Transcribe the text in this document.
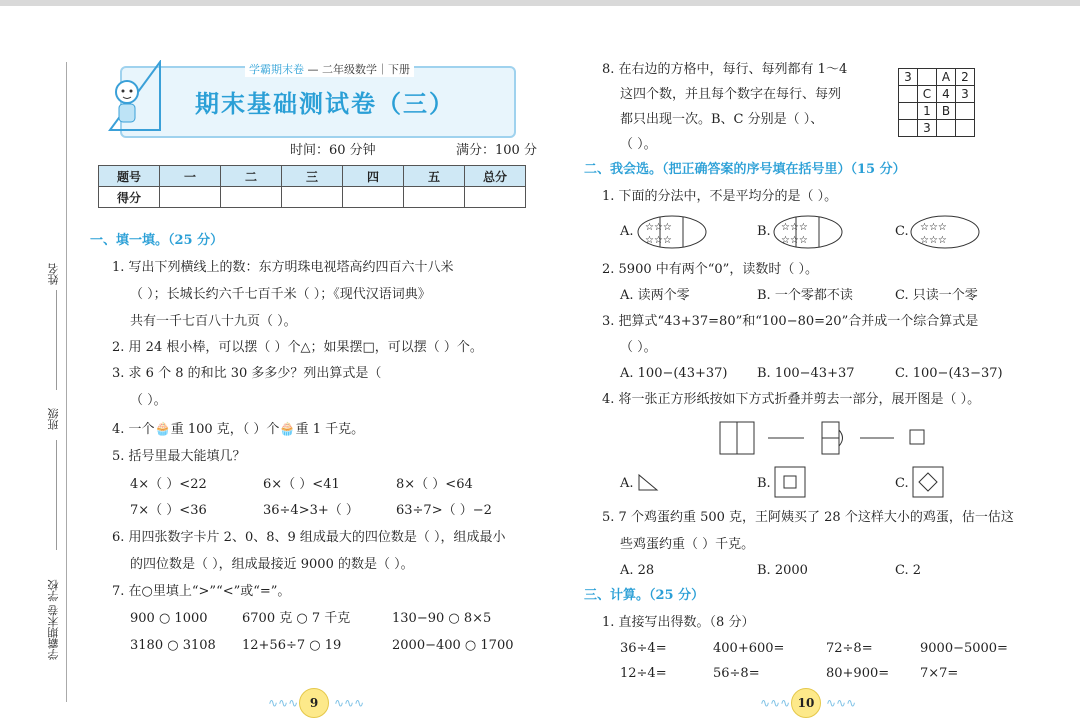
学霸期末卷 学校
班级
姓名
学霸期末卷 — 二年级数学｜下册
期末基础测试卷（三）
时间：60 分钟	满分：100 分
题号	一	二	三	四	五	总分
得分						
一、填一填。（25 分）
1. 写出下列横线上的数：东方明珠电视塔高约四百六十八米
（ ）；长城长约六千七百千米（ ）；《现代汉语词典》
共有一千七百八十九页（ ）。
2. 用 24 根小棒，可以摆（ ）个△；如果摆□，可以摆（ ）个。
3. 求 6 个 8 的和比 30 多多少？列出算式是（
（ ）。
4. 一个🧁重 100 克，（ ）个🧁重 1 千克。
5. 括号里最大能填几？
4×（ ）<22	6×（ ）<41	8×（ ）<64
7×（ ）<36	36÷4>3+（ ）	63÷7>（ ）−2
6. 用四张数字卡片 2、0、8、9 组成最大的四位数是（ ），组成最小
的四位数是（ ），组成最接近 9000 的数是（ ）。
7. 在○里填上“>”“<”或“=”。
900 ○ 1000	6700 克 ○ 7 千克	130−90 ○ 8×5
3180 ○ 3108 12+56÷7 ○ 19	2000−400 ○ 1700
∿∿∿ 9	∿∿∿
8. 在右边的方格中，每行、每列都有 1～4
这四个数，并且每个数字在每行、每列
都只出现一次。B、C 分别是（ ）、
（ ）。
3		A	2
	C	4	3
	1	B	
	3		
二、我会选。（把正确答案的序号填在括号里）（15 分）
1. 下面的分法中，不是平均分的是（ ）。
A.	B.	C.
☆☆☆
☆☆☆
☆☆☆
☆☆☆
☆☆☆
☆☆☆
2. 5900 中有两个“0”，读数时（ ）。
A. 读两个零	B. 一个零都不读	C. 只读一个零
3. 把算式“43+37=80”和“100−80=20”合并成一个综合算式是
（ ）。
A. 100−(43+37) B. 100−43+37	C. 100−(43−37)
4. 将一张正方形纸按如下方式折叠并剪去一部分，展开图是（ ）。
A.	B.	C.
5. 7 个鸡蛋约重 500 克，王阿姨买了 28 个这样大小的鸡蛋，估一估这
些鸡蛋约重（ ）千克。
A. 28	B. 2000	C. 2
三、计算。（25 分）
1. 直接写出得数。（8 分）
36÷4=	400+600=	72÷8=	9000−5000=
12÷4=	56÷8=	80+900= 7×7=
∿∿∿ 10 ∿∿∿
